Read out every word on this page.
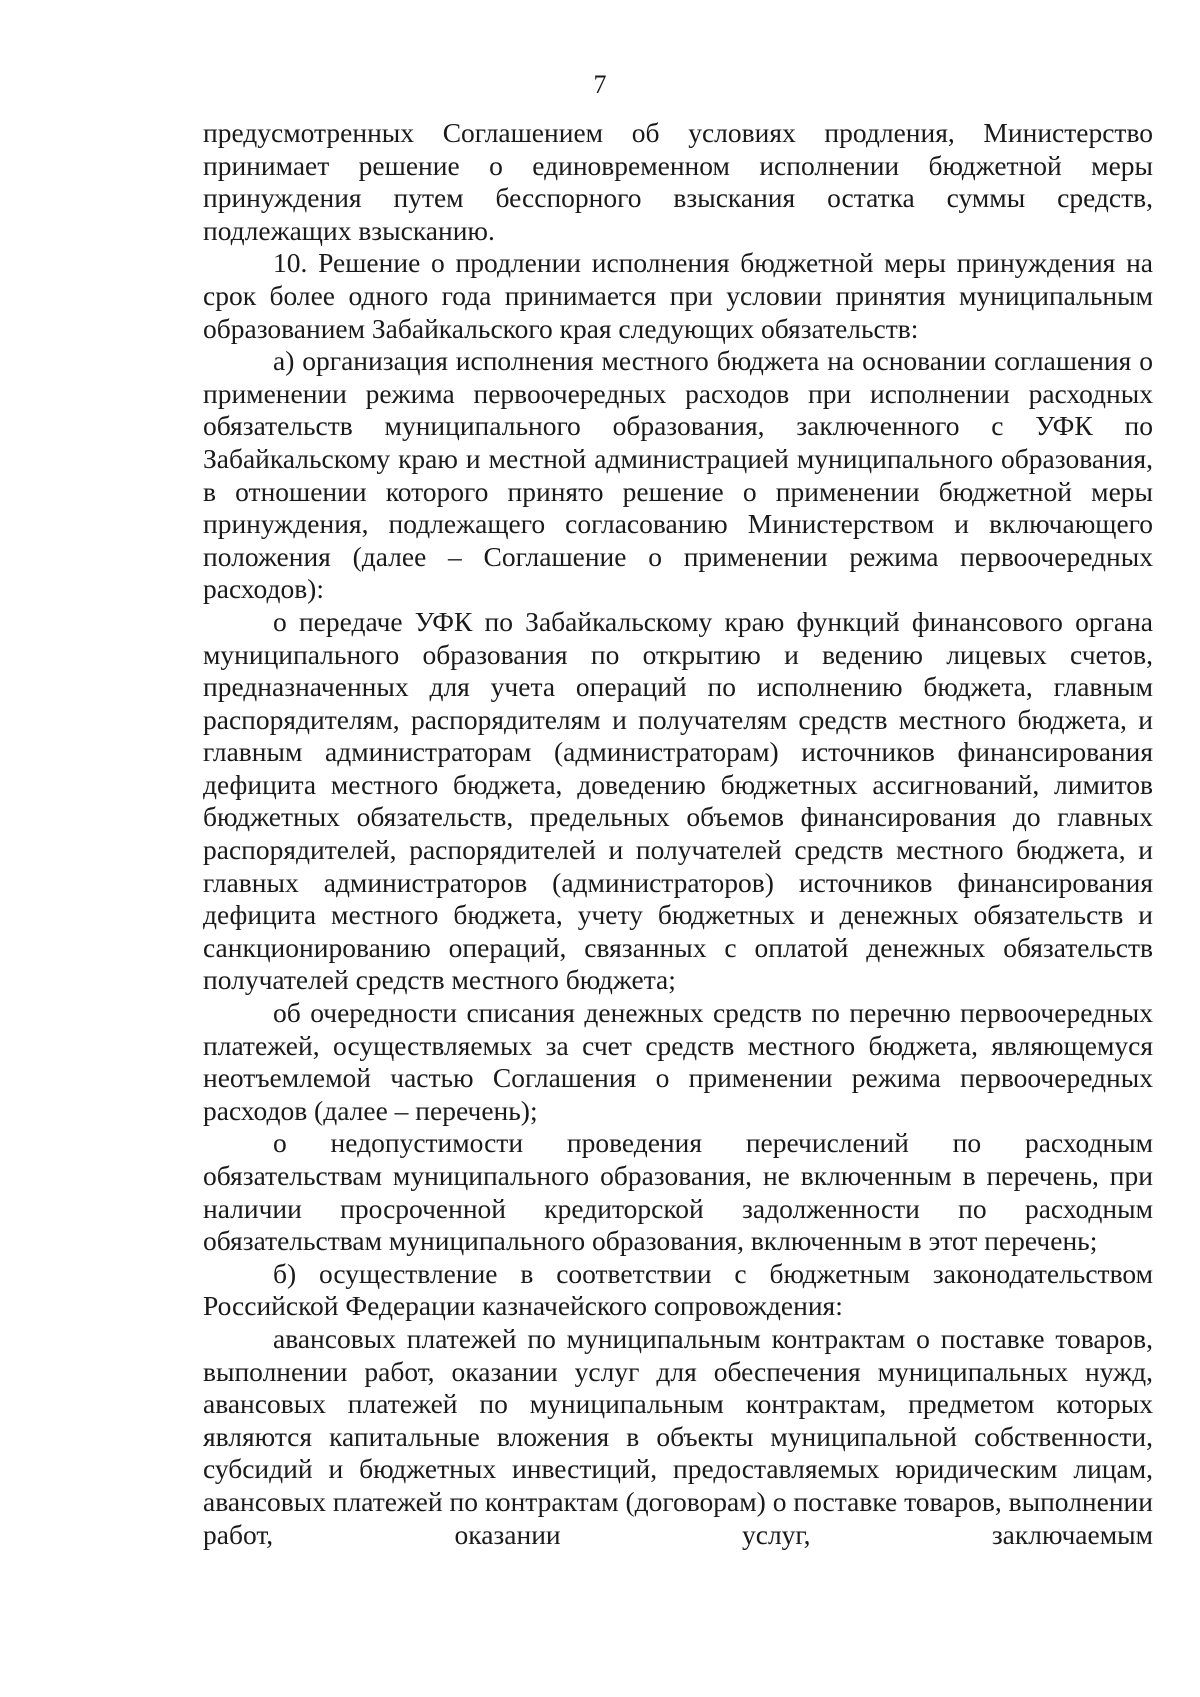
7

предусмотренных Соглашением об условиях продления, Министерство принимает решение о единовременном исполнении бюджетной меры принуждения путем бесспорного взыскания остатка суммы средств, подлежащих взысканию.

10. Решение о продлении исполнения бюджетной меры принуждения на срок более одного года принимается при условии принятия муниципальным образованием Забайкальского края следующих обязательств:

а) организация исполнения местного бюджета на основании соглашения о применении режима первоочередных расходов при исполнении расходных обязательств муниципального образования, заключенного с УФК по Забайкальскому краю и местной администрацией муниципального образования, в отношении которого принято решение о применении бюджетной меры принуждения, подлежащего согласованию Министерством и включающего положения (далее – Соглашение о применении режима первоочередных расходов):

о передаче УФК по Забайкальскому краю функций финансового органа муниципального образования по открытию и ведению лицевых счетов, предназначенных для учета операций по исполнению бюджета, главным распорядителям, распорядителям и получателям средств местного бюджета, и главным администраторам (администраторам) источников финансирования дефицита местного бюджета, доведению бюджетных ассигнований, лимитов бюджетных обязательств, предельных объемов финансирования до главных распорядителей, распорядителей и получателей средств местного бюджета, и главных администраторов (администраторов) источников финансирования дефицита местного бюджета, учету бюджетных и денежных обязательств и санкционированию операций, связанных с оплатой денежных обязательств получателей средств местного бюджета;

об очередности списания денежных средств по перечню первоочередных платежей, осуществляемых за счет средств местного бюджета, являющемуся неотъемлемой частью Соглашения о применении режима первоочередных расходов (далее – перечень);

о недопустимости проведения перечислений по расходным обязательствам муниципального образования, не включенным в перечень, при наличии просроченной кредиторской задолженности по расходным обязательствам муниципального образования, включенным в этот перечень;

б) осуществление в соответствии с бюджетным законодательством Российской Федерации казначейского сопровождения:

авансовых платежей по муниципальным контрактам о поставке товаров, выполнении работ, оказании услуг для обеспечения муниципальных нужд, авансовых платежей по муниципальным контрактам, предметом которых являются капитальные вложения в объекты муниципальной собственности, субсидий и бюджетных инвестиций, предоставляемых юридическим лицам, авансовых платежей по контрактам (договорам) о поставке товаров, выполнении работ, оказании услуг, заключаемым
